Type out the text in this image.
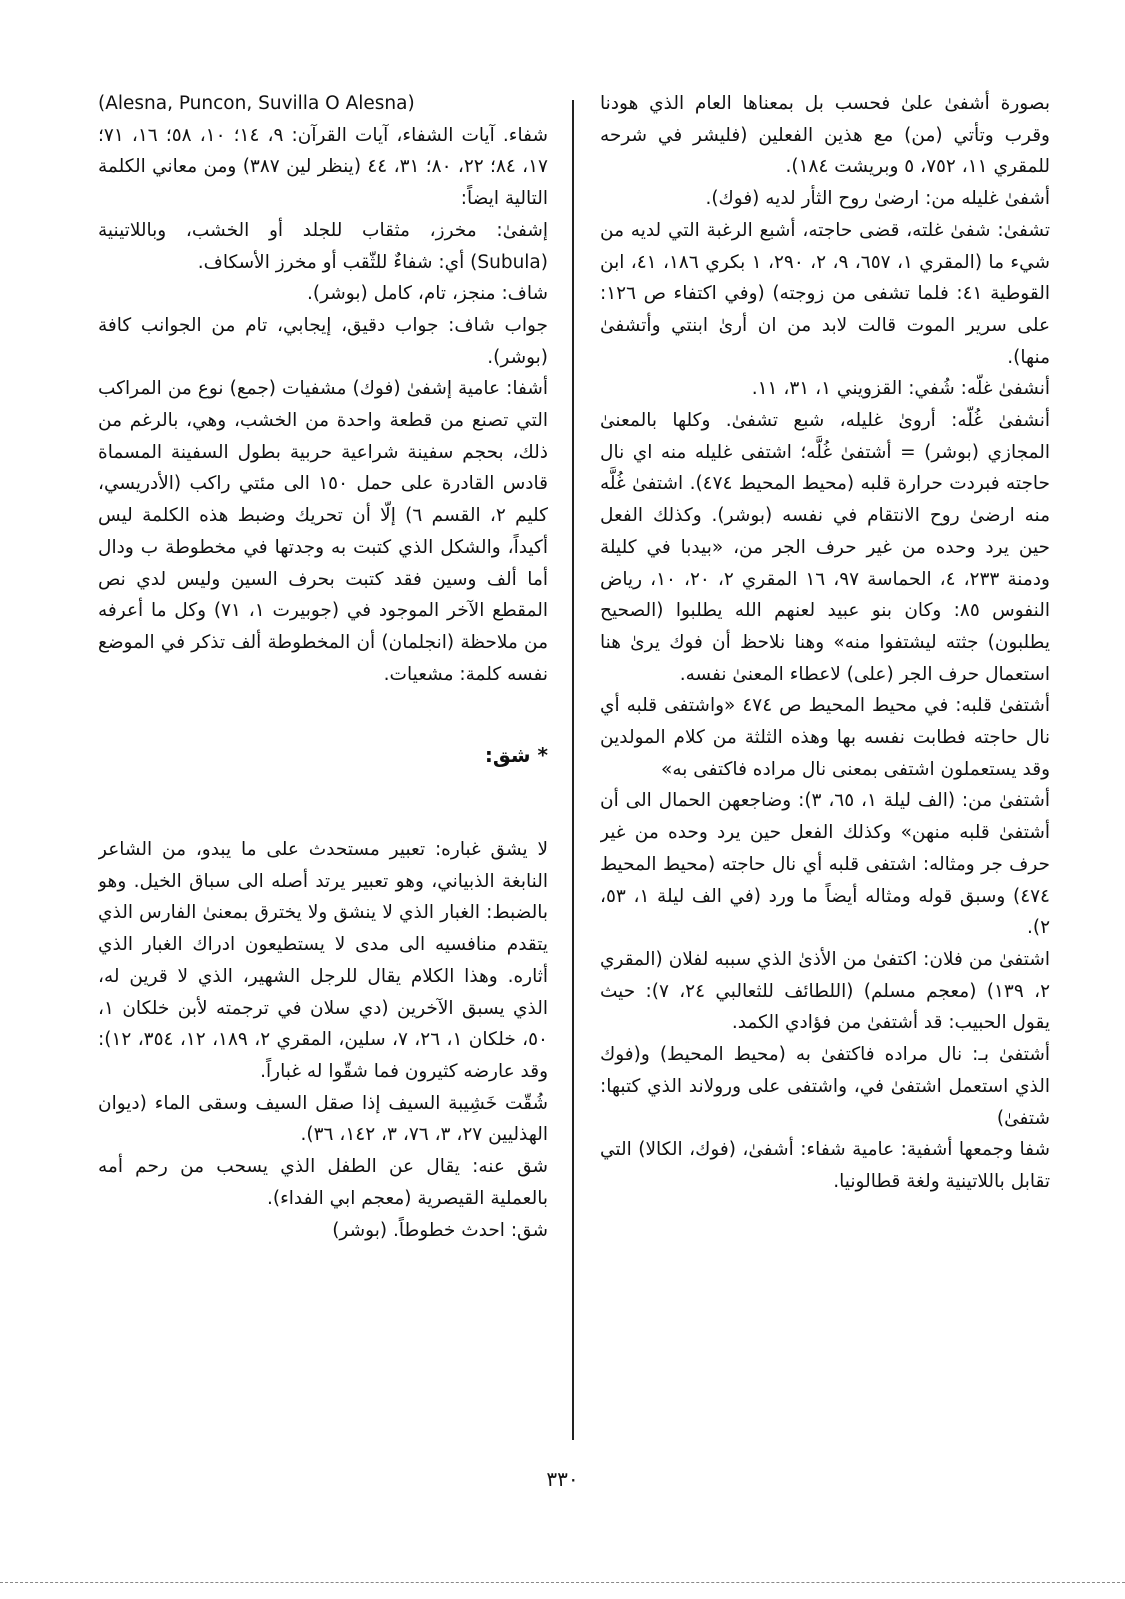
بصورة أشفىٰ علىٰ فحسب بل بمعناها العام الذي هودنا وقرب وتأتي (من) مع هذين الفعلين (فليشر في شرحه للمقري ١١، ٧٥٢، ٥ وبريشت ١٨٤).

أشفىٰ غليله من: ارضىٰ روح الثأر لديه (فوك).

تشفىٰ: شفىٰ غلته، قضى حاجته، أشبع الرغبة التي لديه من شيء ما (المقري ١، ٦٥٧، ٩، ٢، ٢٩٠، ١ بكري ١٨٦، ٤١، ابن القوطية ٤١: فلما تشفى من زوجته) (وفي اكتفاء ص ١٢٦: على سرير الموت قالت لابد من ان أرىٰ ابنتي وأتشفىٰ منها).

أنشفىٰ غلّه: شُفي: القزويني ١، ٣١، ١١.

أنشفىٰ غُلّه: أروىٰ غليله، شبع تشفىٰ. وكلها بالمعنىٰ المجازي (بوشر) = أشتفىٰ غُلَّه؛ اشتفى غليله منه اي نال حاجته فبردت حرارة قلبه (محيط المحيط ٤٧٤). اشتفىٰ غُلَّه منه ارضىٰ روح الانتقام في نفسه (بوشر). وكذلك الفعل حين يرد وحده من غير حرف الجر من، «بيدبا في كليلة ودمنة ٢٣٣، ٤، الحماسة ٩٧، ١٦ المقري ٢، ٢٠، ١٠، رياض النفوس ٨٥: وكان بنو عبيد لعنهم الله يطلبوا (الصحيح يطلبون) جثته ليشتفوا منه» وهنا نلاحظ أن فوك يرىٰ هنا استعمال حرف الجر (على) لاعطاء المعنىٰ نفسه.

أشتفىٰ قلبه: في محيط المحيط ص ٤٧٤ «واشتفى قلبه أي نال حاجته فطابت نفسه بها وهذه الثلثة من كلام المولدين وقد يستعملون اشتفى بمعنى نال مراده فاكتفى به»

أشتفىٰ من: (الف ليلة ١، ٦٥، ٣): وضاجعهن الحمال الى أن أشتفىٰ قلبه منهن» وكذلك الفعل حين يرد وحده من غير حرف جر ومثاله: اشتفى قلبه أي نال حاجته (محيط المحيط ٤٧٤) وسبق قوله ومثاله أيضاً ما ورد (في الف ليلة ١، ٥٣، ٢).

اشتفىٰ من فلان: اكتفىٰ من الأذىٰ الذي سببه لفلان (المقري ٢، ١٣٩) (معجم مسلم) (اللطائف للثعالبي ٢٤، ٧): حيث يقول الحبيب: قد أشتفىٰ من فؤادي الكمد.

أشتفىٰ بـ: نال مراده فاكتفىٰ به (محيط المحيط) و(فوك الذي استعمل اشتفىٰ في، واشتفى على ورولاند الذي كتبها: شتفىٰ)

شفا وجمعها أشفية: عامية شفاء: أشفىٰ، (فوك، الكالا) التي تقابل باللاتينية ولغة قطالونيا.

(Alesna, Puncon, Suvilla O Alesna)

شفاء. آيات الشفاء، آيات القرآن: ٩، ١٤؛ ١٠، ٥٨؛ ١٦، ٧١؛ ١٧، ٨٤؛ ٢٢، ٨٠؛ ٣١، ٤٤ (ينظر لين ٣٨٧) ومن معاني الكلمة التالية ايضاً:

إشفىٰ: مخرز، مثقاب للجلد أو الخشب، وباللاتينية (Subula) أي: شفاءٌ للثّقب أو مخرز الأسكاف.

شاف: منجز، تام، كامل (بوشر).

جواب شاف: جواب دقيق، إيجابي، تام من الجوانب كافة (بوشر).

أشفا: عامية إشفىٰ (فوك) مشفيات (جمع) نوع من المراكب التي تصنع من قطعة واحدة من الخشب، وهي، بالرغم من ذلك، بحجم سفينة شراعية حربية بطول السفينة المسماة قادس القادرة على حمل ١٥٠ الى مئتي راكب (الأدريسي، كليم ٢، القسم ٦) إلّا أن تحريك وضبط هذه الكلمة ليس أكيداً، والشكل الذي كتبت به وجدتها في مخطوطة ب ودال أما ألف وسين فقد كتبت بحرف السين وليس لدي نص المقطع الآخر الموجود في (جوبيرت ١، ٧١) وكل ما أعرفه من ملاحظة (انجلمان) أن المخطوطة ألف تذكر في الموضع نفسه كلمة: مشعيات.

* شق:

لا يشق غباره: تعبير مستحدث على ما يبدو، من الشاعر النابغة الذبياني، وهو تعبير يرتد أصله الى سباق الخيل. وهو بالضبط: الغبار الذي لا ينشق ولا يخترق بمعنىٰ الفارس الذي يتقدم منافسيه الى مدى لا يستطيعون ادراك الغبار الذي أثاره. وهذا الكلام يقال للرجل الشهير، الذي لا قرين له، الذي يسبق الآخرين (دي سلان في ترجمته لأبن خلكان ١، ٥٠، خلكان ١، ٢٦، ٧، سلين، المقري ٢، ١٨٩، ١٢، ٣٥٤، ١٢): وقد عارضه كثيرون فما شقّوا له غباراً.

شُقّت خَشِيبة السيف إذا صقل السيف وسقى الماء (ديوان الهذليين ٢٧، ٣، ٧٦، ٣، ١٤٢، ٣٦).

شق عنه: يقال عن الطفل الذي يسحب من رحم أمه بالعملية القيصرية (معجم ابي الفداء).

شق: احدث خطوطاً. (بوشر)

٣٣٠
